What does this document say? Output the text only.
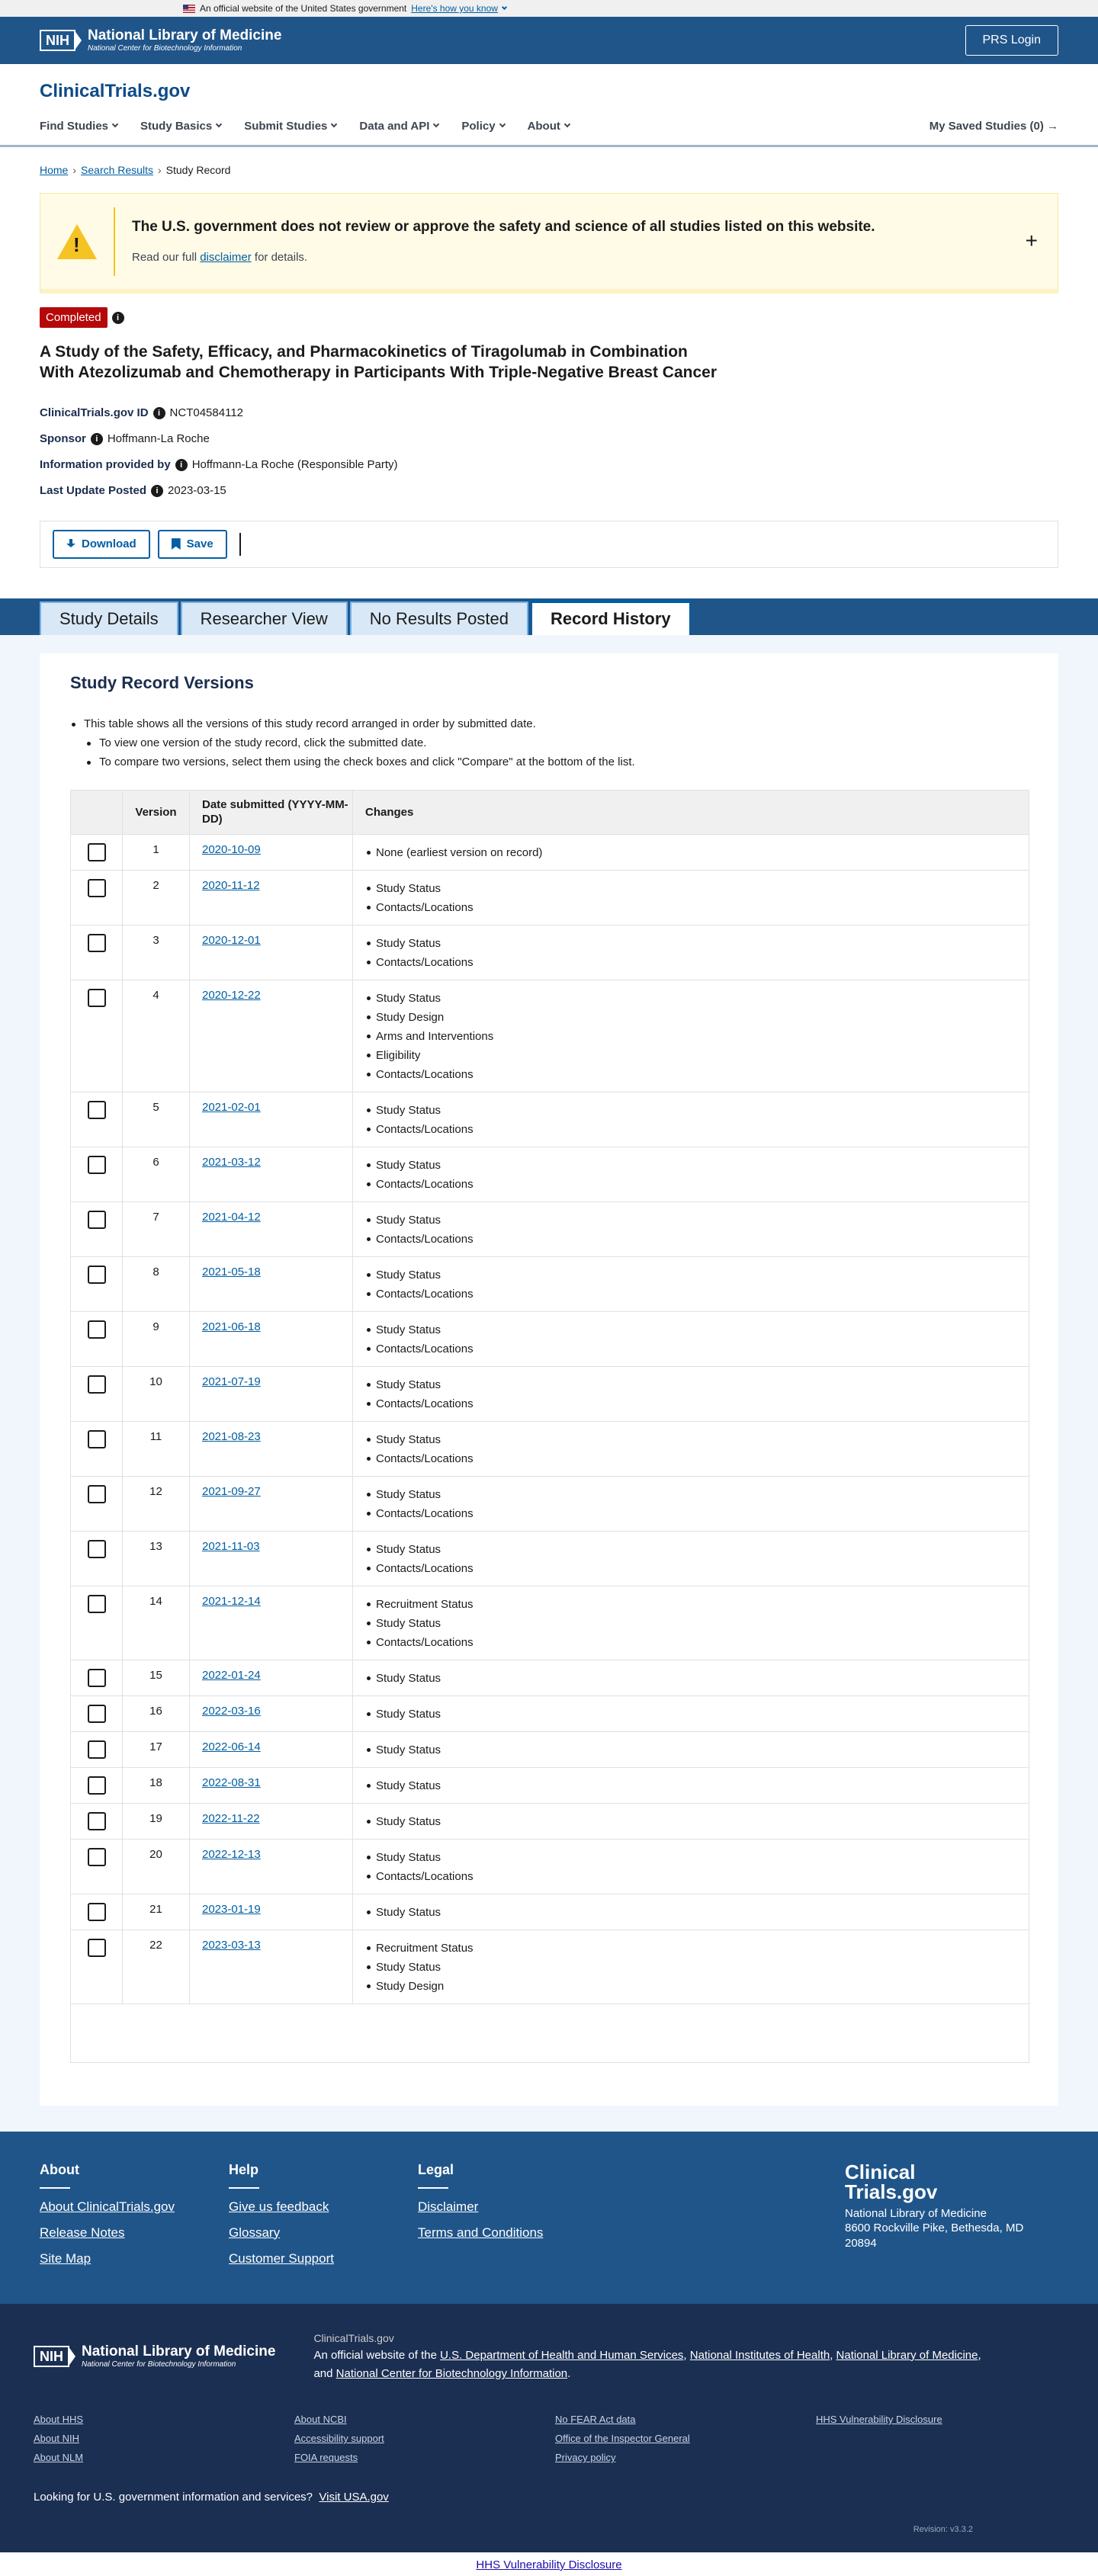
An official website of the United States government Here's how you know
NIH	National Library of Medicine
National Center for Biotechnology Information
PRS Login
ClinicalTrials.gov
Find Studies	Study Basics	Submit Studies	Data and API	Policy	About	My Saved Studies (0) →
Home › Search Results › Study Record
!
The U.S. government does not review or approve the safety and science of all studies listed on this website.
Read our full disclaimer for details.
+
Completed	i
A Study of the Safety, Efficacy, and Pharmacokinetics of Tiragolumab in Combination With Atezolizumab and Chemotherapy in Participants With Triple-Negative Breast Cancer
ClinicalTrials.gov ID	i NCT04584112
Sponsor	i Hoffmann-La Roche
Information provided by	i Hoffmann-La Roche (Responsible Party)
Last Update Posted	i 2023-03-15
Download	Save
Study Details	Researcher View	No Results Posted	Record History
Study Record Versions
This table shows all the versions of this study record arranged in order by submitted date.
To view one version of the study record, click the submitted date.
To compare two versions, select them using the check boxes and click "Compare" at the bottom of the list.
Version
Date submitted (YYYY-MM-DD)
Changes
1	2020-10-09	None (earliest version on record)
2	2020-11-12	Study Status
Contacts/Locations
3	2020-12-01	Study Status
Contacts/Locations
4	2020-12-22	Study Status
Study Design
Arms and Interventions
Eligibility
Contacts/Locations
5	2021-02-01	Study Status
Contacts/Locations
6	2021-03-12	Study Status
Contacts/Locations
7	2021-04-12	Study Status
Contacts/Locations
8	2021-05-18	Study Status
Contacts/Locations
9	2021-06-18	Study Status
Contacts/Locations
10	2021-07-19	Study Status
Contacts/Locations
11	2021-08-23	Study Status
Contacts/Locations
12	2021-09-27	Study Status
Contacts/Locations
13	2021-11-03	Study Status
Contacts/Locations
14	2021-12-14	Recruitment Status
Study Status
Contacts/Locations
15	2022-01-24	Study Status
16	2022-03-16	Study Status
17	2022-06-14	Study Status
18	2022-08-31	Study Status
19	2022-11-22	Study Status
20	2022-12-13	Study Status
Contacts/Locations
21	2023-01-19	Study Status
22	2023-03-13	Recruitment Status
Study Status
Study Design
About
About ClinicalTrials.gov
Release Notes
Site Map
Help
Give us feedback
Glossary
Customer Support
Legal
Disclaimer
Terms and Conditions
Clinical
Trials.gov
National Library of Medicine
8600 Rockville Pike, Bethesda, MD 20894
NIH	National Library of Medicine
National Center for Biotechnology Information
ClinicalTrials.gov
An official website of the U.S. Department of Health and Human Services, National Institutes of Health, National Library of Medicine,
and National Center for Biotechnology Information.
About HHS	About NCBI	No FEAR Act data	HHS Vulnerability Disclosure
About NIH	Accessibility support	Office of the Inspector General
About NLM	FOIA requests	Privacy policy
Looking for U.S. government information and services? Visit USA.gov
Revision: v3.3.2
HHS Vulnerability Disclosure
